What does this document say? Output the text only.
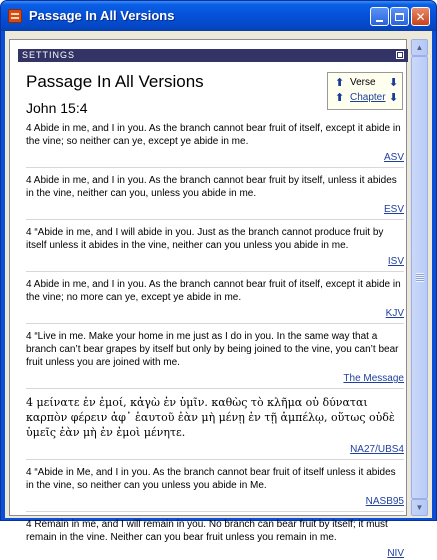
Passage In All Versions	✕
SETTINGS
Passage In All Versions
John 15:4
⬆ Verse ⬇
⬆ Chapter ⬇
4 Abide in me, and I in you. As the branch cannot bear fruit of itself, except it abide in the vine; so neither can ye, except ye abide in me.
ASV
4 Abide in me, and I in you. As the branch cannot bear fruit by itself, unless it abides in the vine, neither can you, unless you abide in me.
ESV
4 “Abide in me, and I will abide in you. Just as the branch cannot produce fruit by itself unless it abides in the vine, neither can you unless you abide in me.
ISV
4 Abide in me, and I in you. As the branch cannot bear fruit of itself, except it abide in the vine; no more can ye, except ye abide in me.
KJV
4 “Live in me. Make your home in me just as I do in you. In the same way that a branch can’t bear grapes by itself but only by being joined to the vine, you can’t bear fruit unless you are joined with me.
The Message
4 μείνατε ἐν ἐμοί, κἀγὼ ἐν ὑμῖν. καθὼς τὸ κλῆμα οὐ δύναται καρπὸν φέρειν ἀφ᾽ ἑαυτοῦ ἐὰν μὴ μένῃ ἐν τῇ ἀμπέλῳ, οὕτως οὐδὲ ὑμεῖς ἐὰν μὴ ἐν ἐμοὶ μένητε.
NA27/UBS4
4 “Abide in Me, and I in you. As the branch cannot bear fruit of itself unless it abides in the vine, so neither can you unless you abide in Me.
NASB95
4 Remain in me, and I will remain in you. No branch can bear fruit by itself; it must remain in the vine. Neither can you bear fruit unless you remain in me.
NIV
▲
▼
